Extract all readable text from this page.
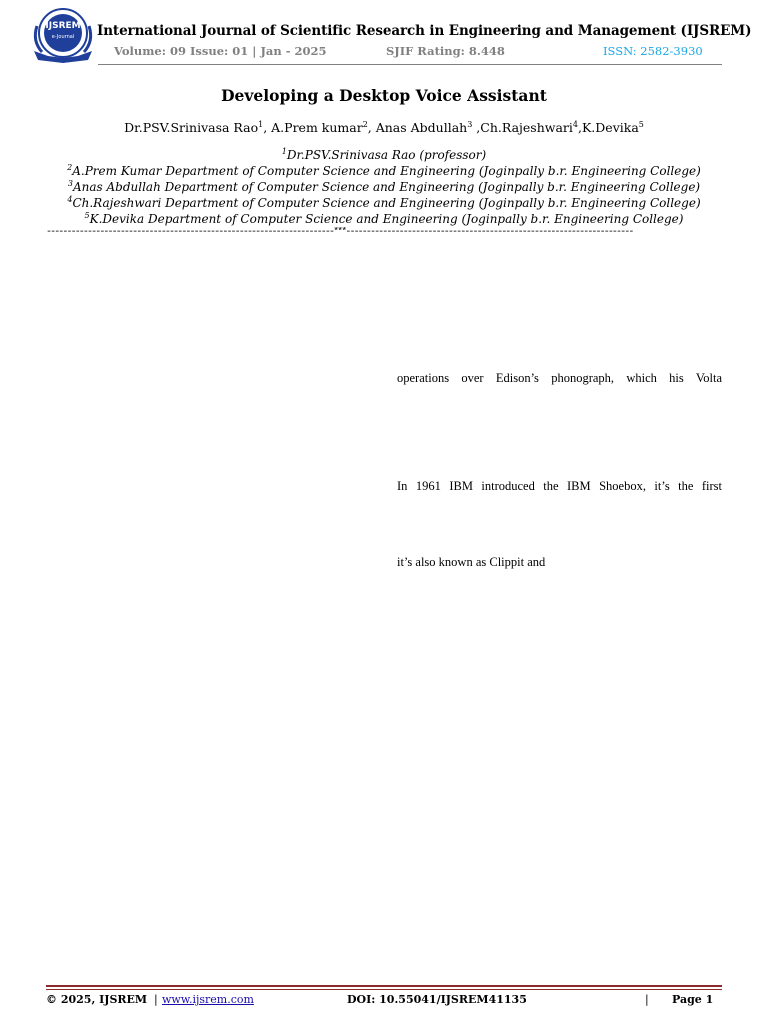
IJSREM
e-Journal International Journal of Scientific Research in Engineering and Management (IJSREM)
Volume: 09 Issue: 01 | Jan - 2025	SJIF Rating: 8.448	ISSN: 2582-3930
Developing a Desktop Voice Assistant
Dr.PSV.Srinivasa Rao$^1$, A.Prem kumar$^2$, Anas Abdullah$^3$ ,Ch.Rajeshwari$^4$,K.Devika$^5$
$^1$Dr.PSV.Srinivasa Rao (professor)
$^2$A.Prem Kumar Department of Computer Science and Engineering (Joginpally b.r. Engineering College)
$^3$Anas Abdullah Department of Computer Science and Engineering (Joginpally b.r. Engineering College)
$^4$Ch.Rajeshwari Department of Computer Science and Engineering (Joginpally b.r. Engineering College)
$^5$K.Devika Department of Computer Science and Engineering (Joginpally b.r. Engineering College)
----------------------------------------------------------------------***----------------------------------------------------------------------
operations over Edison’s phonograph, which his Volta
In 1961 IBM introduced the IBM Shoebox, it’s the first
it’s also known as Clippit and
© 2025, IJSREM | www.ijsrem.com	DOI: 10.55041/IJSREM41135	| Page 1
